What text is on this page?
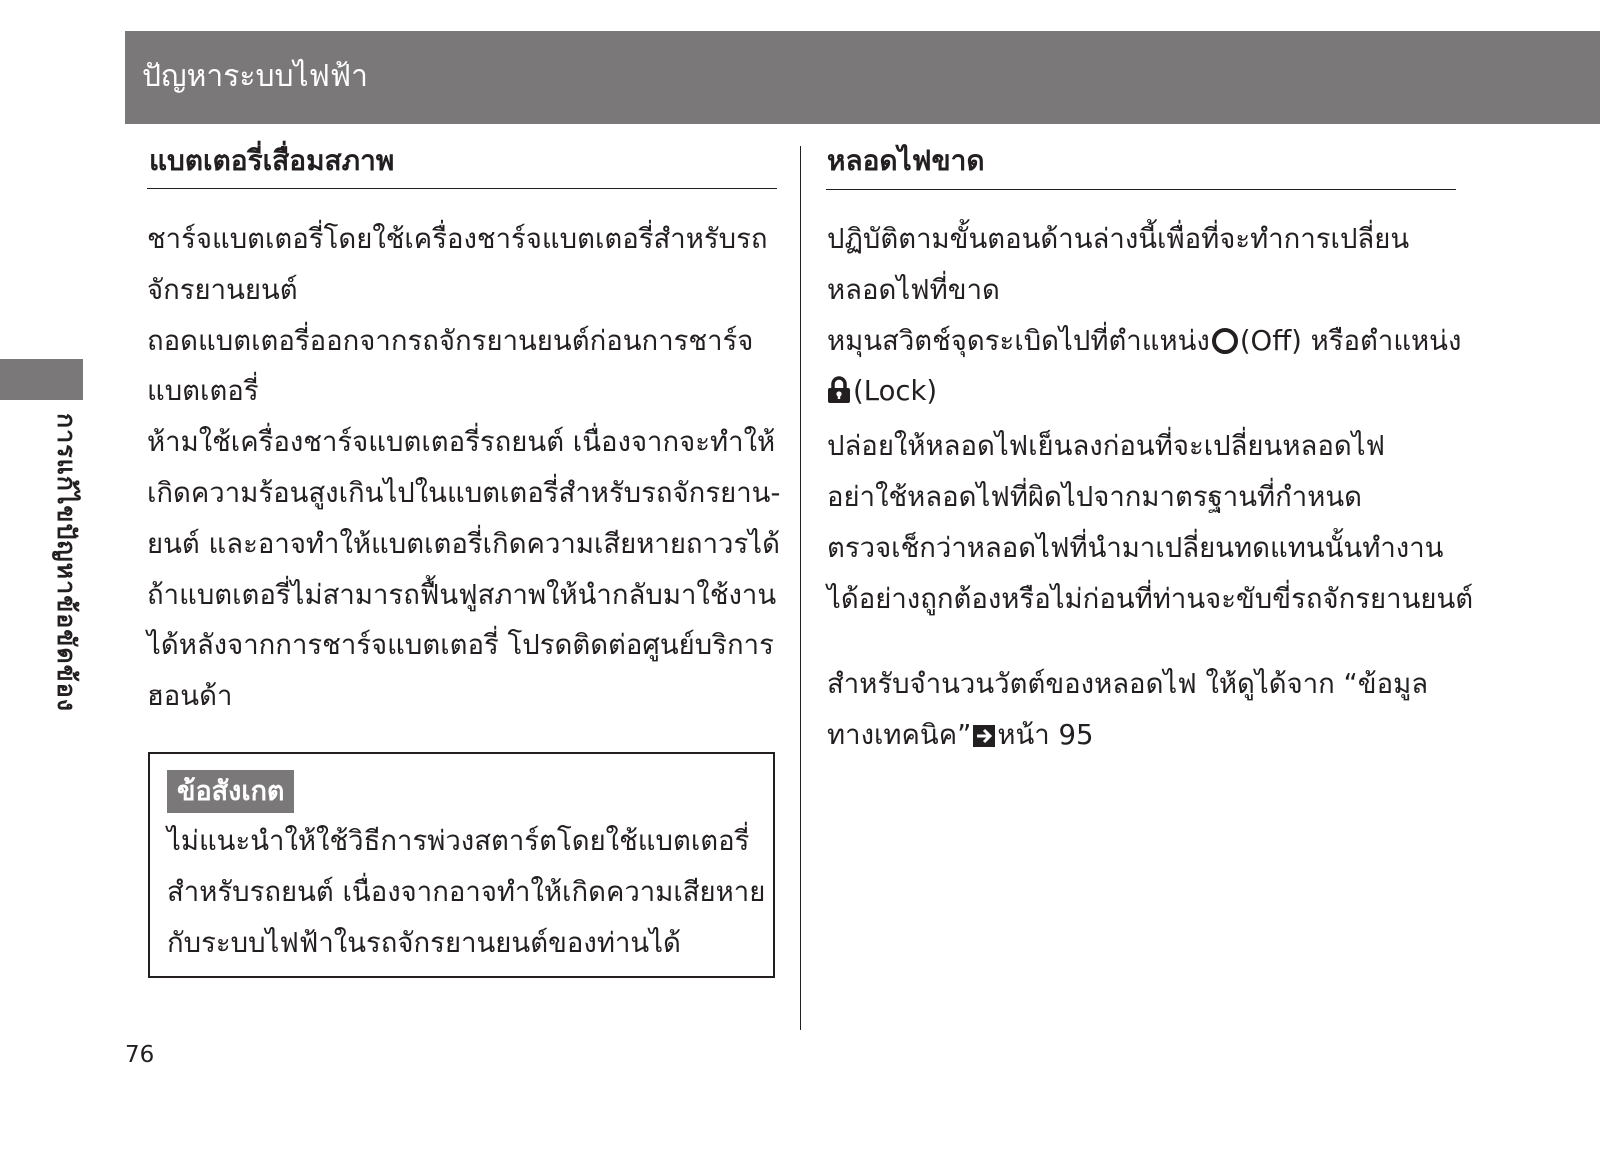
ปัญหาระบบไฟฟ้า
การแก้ไขปัญหาข้อขัดข้อง
แบตเตอรี่เสื่อมสภาพ
ชาร์จแบตเตอรี่โดยใช้เครื่องชาร์จแบตเตอรี่สำหรับรถ
จักรยานยนต์
ถอดแบตเตอรี่ออกจากรถจักรยานยนต์ก่อนการชาร์จ
แบตเตอรี่
ห้ามใช้เครื่องชาร์จแบตเตอรี่รถยนต์ เนื่องจากจะทำให้
เกิดความร้อนสูงเกินไปในแบตเตอรี่สำหรับรถจักรยาน-
ยนต์ และอาจทำให้แบตเตอรี่เกิดความเสียหายถาวรได้
ถ้าแบตเตอรี่ไม่สามารถฟื้นฟูสภาพให้นำกลับมาใช้งาน
ได้หลังจากการชาร์จแบตเตอรี่ โปรดติดต่อศูนย์บริการ
ฮอนด้า
ข้อสังเกต
ไม่แนะนำให้ใช้วิธีการพ่วงสตาร์ตโดยใช้แบตเตอรี่
สำหรับรถยนต์ เนื่องจากอาจทำให้เกิดความเสียหาย
กับระบบไฟฟ้าในรถจักรยานยนต์ของท่านได้
หลอดไฟขาด
ปฏิบัติตามขั้นตอนด้านล่างนี้เพื่อที่จะทำการเปลี่ยน
หลอดไฟที่ขาด
หมุนสวิตช์จุดระเบิดไปที่ตำแหน่ง (Off) หรือตำแหน่ง
(Lock)
ปล่อยให้หลอดไฟเย็นลงก่อนที่จะเปลี่ยนหลอดไฟ
อย่าใช้หลอดไฟที่ผิดไปจากมาตรฐานที่กำหนด
ตรวจเช็กว่าหลอดไฟที่นำมาเปลี่ยนทดแทนนั้นทำงาน
ได้อย่างถูกต้องหรือไม่ก่อนที่ท่านจะขับขี่รถจักรยานยนต์
สำหรับจำนวนวัตต์ของหลอดไฟ ให้ดูได้จาก “ข้อมูล
ทางเทคนิค” หน้า 95
76
